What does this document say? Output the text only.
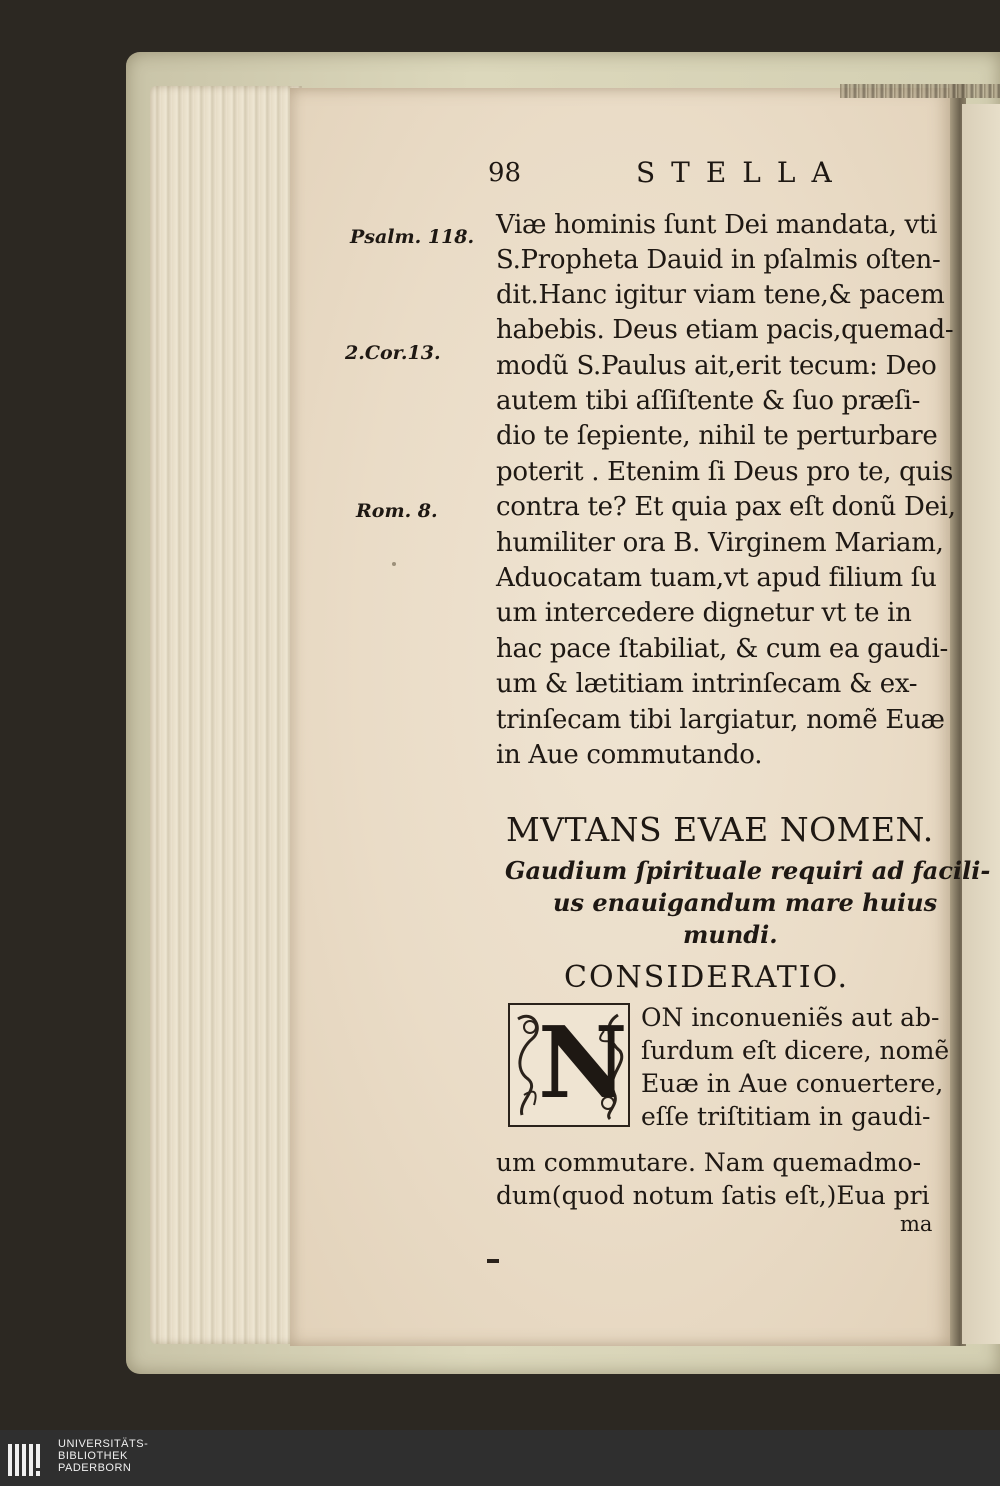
98	STELLA
Psalm. 118.
2.Cor.13.
Rom. 8.
Viæ hominis ſunt Dei mandata, vti
S.Propheta Dauid in pſalmis oſten-
dit.Hanc igitur viam tene,& pacem
habebis. Deus etiam pacis,quemad-
modũ S.Paulus ait,erit tecum: Deo
autem tibi aſſiſtente & ſuo præſi-
dio te ſepiente, nihil te perturbare
poterit . Etenim ſi Deus pro te, quis
contra te? Et quia pax eſt donũ Dei,
humiliter ora B. Virginem Mariam,
Aduocatam tuam,vt apud filium ſu
um intercedere dignetur vt te in
hac pace ſtabiliat, & cum ea gaudi-
um & lætitiam intrinſecam & ex-
trinſecam tibi largiatur, nomẽ Euæ
in Aue commutando.
MVTANS EVAE NOMEN.
Gaudium ſpirituale requiri ad facili-
us enauigandum mare huius
mundi.
CONSIDERATIO.
N ON inconueniẽs aut ab-
ſurdum eſt dicere, nomẽ
Euæ in Aue conuertere,
eſſe triſtitiam in gaudi-
um commutare. Nam quemadmo-
dum(quod notum ſatis eſt,)Eua pri
ma
UNIVERSITÄTS-
BIBLIOTHEK
PADERBORN
